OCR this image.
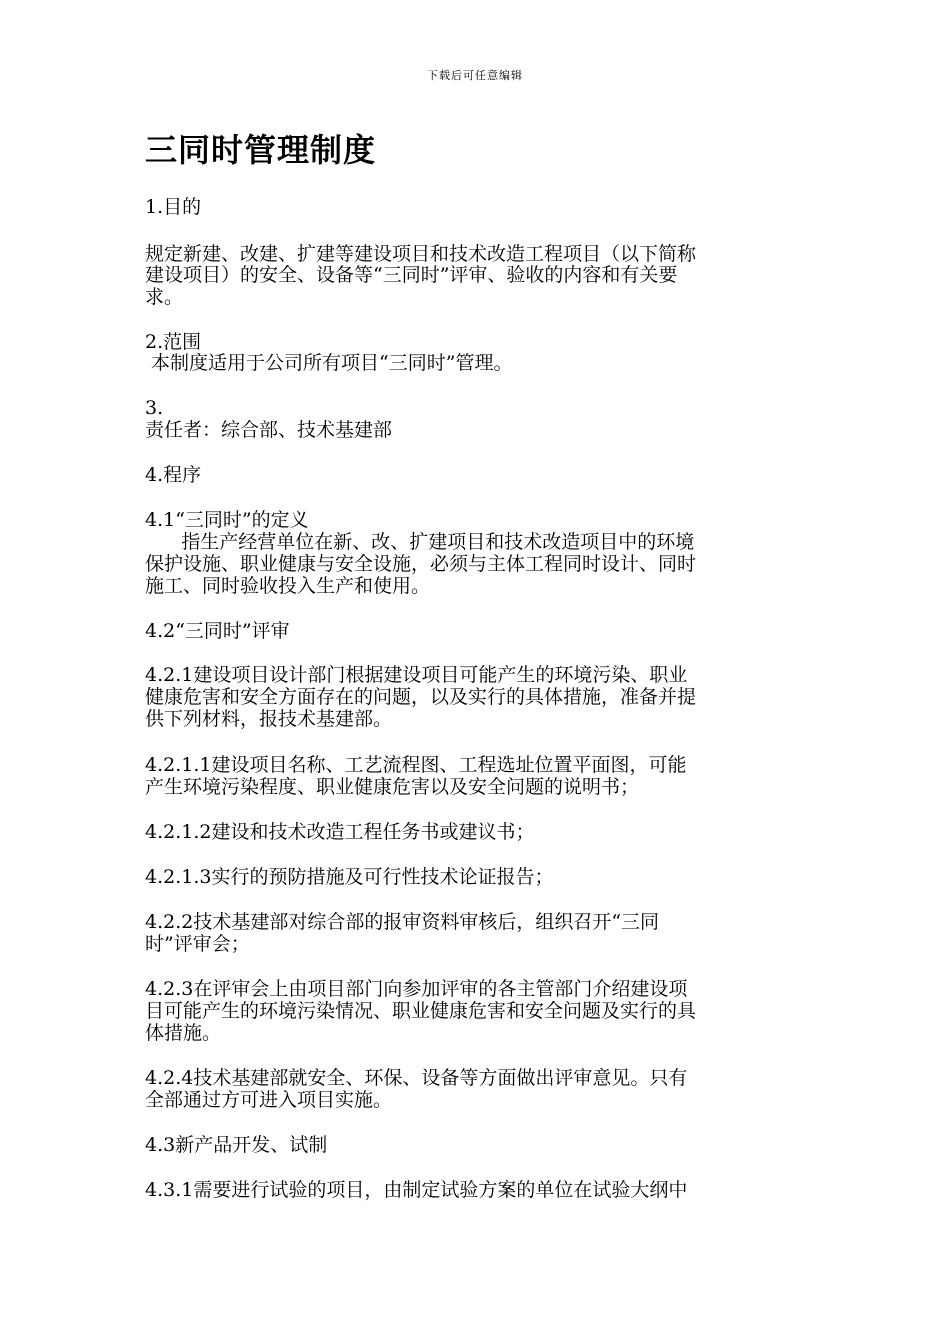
下载后可任意编辑
三同时管理制度
1.目的
规定新建、改建、扩建等建设项目和技术改造工程项目（以下简称
建设项目）的安全、设备等“三同时”评审、验收的内容和有关要
求。
2.范围
本制度适用于公司所有项目“三同时”管理。
3.
责任者：综合部、技术基建部
4.程序
4.1“三同时”的定义
指生产经营单位在新、改、扩建项目和技术改造项目中的环境
保护设施、职业健康与安全设施，必须与主体工程同时设计、同时
施工、同时验收投入生产和使用。
4.2“三同时”评审
4.2.1建设项目设计部门根据建设项目可能产生的环境污染、职业
健康危害和安全方面存在的问题，以及实行的具体措施，准备并提
供下列材料，报技术基建部。
4.2.1.1建设项目名称、工艺流程图、工程选址位置平面图，可能
产生环境污染程度、职业健康危害以及安全问题的说明书；
4.2.1.2建设和技术改造工程任务书或建议书；
4.2.1.3实行的预防措施及可行性技术论证报告；
4.2.2技术基建部对综合部的报审资料审核后，组织召开“三同
时”评审会；
4.2.3在评审会上由项目部门向参加评审的各主管部门介绍建设项
目可能产生的环境污染情况、职业健康危害和安全问题及实行的具
体措施。
4.2.4技术基建部就安全、环保、设备等方面做出评审意见。只有
全部通过方可进入项目实施。
4.3新产品开发、试制
4.3.1需要进行试验的项目，由制定试验方案的单位在试验大纲中
